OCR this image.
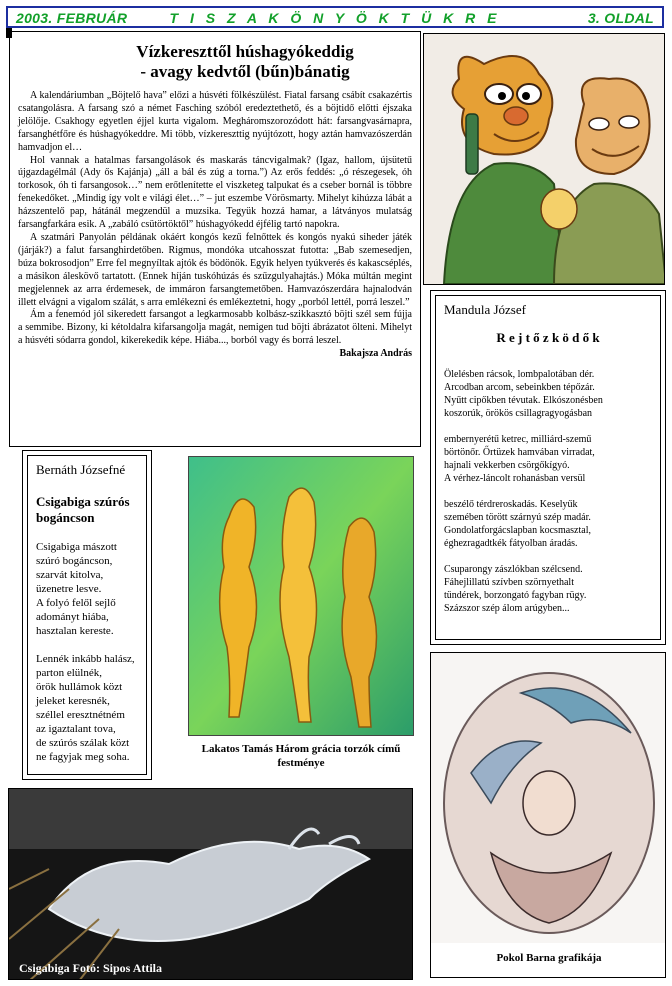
2003. FEBRUÁR	T I S Z A K Ö N Y Ö K T Ü K R E	3. OLDAL
Vízkereszttől húshagyókeddig
- avagy kedvtől (bűn)bánatig

A kalendáriumban „Böjtelő hava” előzi a húsvéti fölkészülést. Fiatal farsang csábít csakazértis csatangolásra. A farsang szó a német Fasching szóból eredeztethető, és a böjtidő előtti éjszaka jelölője. Csakhogy egyetlen éjjel kurta vigalom. Megháromszorozódott hát: farsangvasárnapra, farsanghétfőre és húshagyókeddre. Mi több, vízkereszttig nyújtózott, hogy aztán hamvazószerdán hamvadjon el…

Hol vannak a hatalmas farsangolások és maskarás táncvigalmak? (Igaz, hallom, újsütetű újgazdagélmál (Ady ős Kajánja) „áll a bál és zúg a torna.”) Az erős feddés: „ó részegesek, óh torkosok, óh ti farsangosok…” nem erőtlenítette el viszketeg talpukat és a cseber bornál is többre fenekedőket. „Mindig így volt e világi élet…” – jut eszembe Vörösmarty. Mihelyt kihúzza lábát a házszentelő pap, hátánál megzendül a muzsika. Tegyük hozzá hamar, a látványos mulatság farsangfarkára esik. A „zabáló csütörtöktől” húshagyókedd éjfélig tartó napokra.

A szatmári Panyolán példának okáért kongós kezű felnőttek és kongós nyakú siheder játék (járják?) a falut farsanghirdetőben. Rigmus, mondóka utcahosszat futotta: „Bab szemesedjen, búza bokrosodjon” Erre fel megnyíltak ajtók és bödönök. Egyik helyen tyúkverés és kakascséplés, a másikon áleskövő tartatott. (Ennek híján tuskóhúzás és szűzgulyahajtás.) Móka múltán megint megjelennek az arra érdemesek, de immáron farsangtemetőben. Hamvazószerdára hajnalodván illett elvágni a vigalom szálát, s arra emlékezni és emlékeztetni, hogy „porból lettél, porrá leszel.”

Ám a fenemód jól sikeredett farsangot a legkarmosabb kolbász-szikkasztó böjti szél sem fújja a semmibe. Bizony, ki kétoldalra kifarsangolja magát, nemigen tud böjti ábrázatot ölteni. Mihelyt a húsvéti sódarra gondol, kikerekedik képe. Hiába..., borból vagy és borrá leszel.
Bakajsza András

Mandula József
R e j t ő z k ö d ő k
Ölelésben rácsok, lombpalotában dér.
Arcodban arcom, sebeinkben tépőzár.
Nyűtt cipőkben tévutak. Elkószonésben
koszorúk, örökös csillagragyogásban

embernyerétű ketrec, milliárd-szemű
börtönőr. Őrtüzek hamvában virradat,
hajnali vekkerben csörgőkígyó.
A vérhez-láncolt rohanásban versül

beszélő térdreroskadás. Keselyűk
szemében törött szárnyú szép madár.
Gondolatforgácslapban kocsmasztal,
éghezragadtkék fátyolban áradás.

Csuparongy zászlókban szélcsend.
Fáhejlillatú szívben szörnyethalt
tündérek, borzongató fagyban rügy.
Százszor szép álom arúgyben...
Bernáth Józsefné
Csigabiga szúrós bogáncson
Csigabiga mászott
szúró bogáncson,
szarvát kitolva,
üzenetre lesve.
A folyó felől sejlő
adományt hiába,
hasztalan kereste.

Lennék inkább halász,
parton elülnék,
örök hullámok közt
jeleket keresnék,
széllel eresztnétném
az igaztalant tova,
de szúrós szálak közt
ne fagyjak meg soha.
Lakatos Tamás Három grácia torzók című festménye
Csigabiga Fotó: Sipos Attila
Pokol Barna grafikája
